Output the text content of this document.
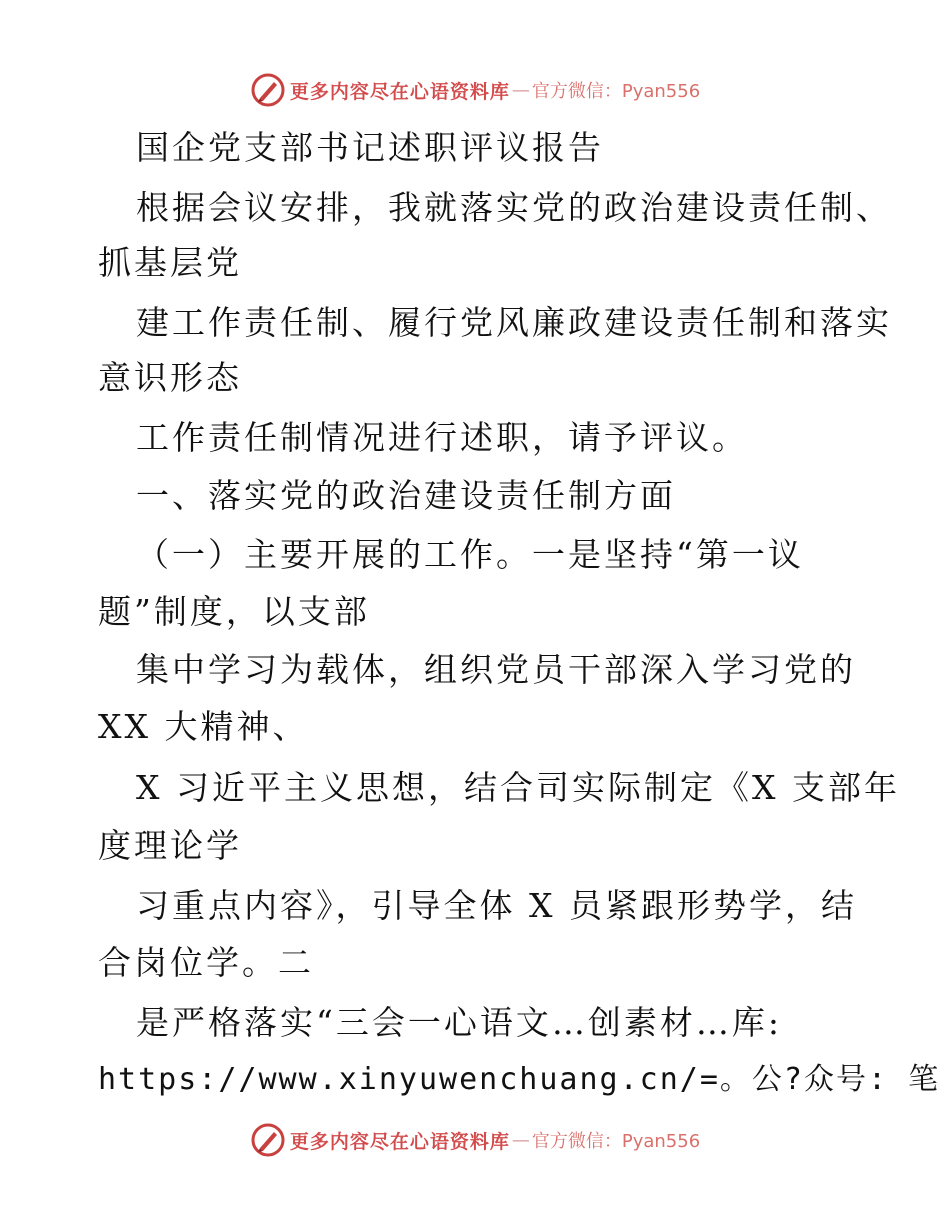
更多内容尽在心语资料库 — 官方微信：Pyan556
国企党支部书记述职评议报告
根据会议安排，我就落实党的政治建设责任制、
抓基层党
建工作责任制、履行党风廉政建设责任制和落实
意识形态
工作责任制情况进行述职，请予评议。
一、落实党的政治建设责任制方面
（一）主要开展的工作。一是坚持“第一议
题”制度，以支部
集中学习为载体，组织党员干部深入学习党的
XX 大精神、
X 习近平主义思想，结合司实际制定《X 支部年
度理论学
习重点内容》，引导全体 X 员紧跟形势学，结
合岗位学。二
是严格落实“三会一心语文…创素材…库:
https://www.xinyuwenchuang.cn/=。公?众号: 笔
更多内容尽在心语资料库 — 官方微信：Pyan556
